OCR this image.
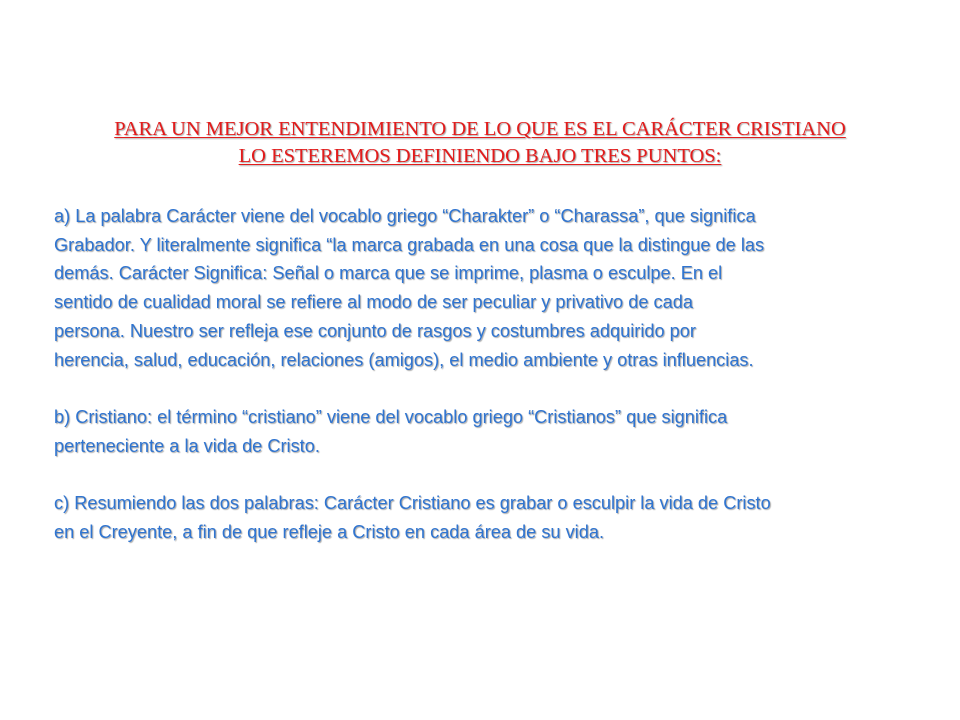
PARA UN MEJOR ENTENDIMIENTO DE LO QUE ES EL CARÁCTER CRISTIANO
LO ESTEREMOS DEFINIENDO BAJO TRES PUNTOS:
a) La palabra Carácter viene del vocablo griego “Charakter” o “Charassa”, que significa
Grabador. Y literalmente significa “la marca grabada en una cosa que la distingue de las
demás. Carácter Significa: Señal o marca que se imprime, plasma o esculpe. En el
sentido de cualidad moral se refiere al modo de ser peculiar y privativo de cada
persona. Nuestro ser refleja ese conjunto de rasgos y costumbres adquirido por
herencia, salud, educación, relaciones (amigos), el medio ambiente y otras influencias.
b) Cristiano: el término “cristiano” viene del vocablo griego “Cristianos” que significa
perteneciente a la vida de Cristo.
c) Resumiendo las dos palabras: Carácter Cristiano es grabar o esculpir la vida de Cristo
en el Creyente, a fin de que refleje a Cristo en cada área de su vida.
